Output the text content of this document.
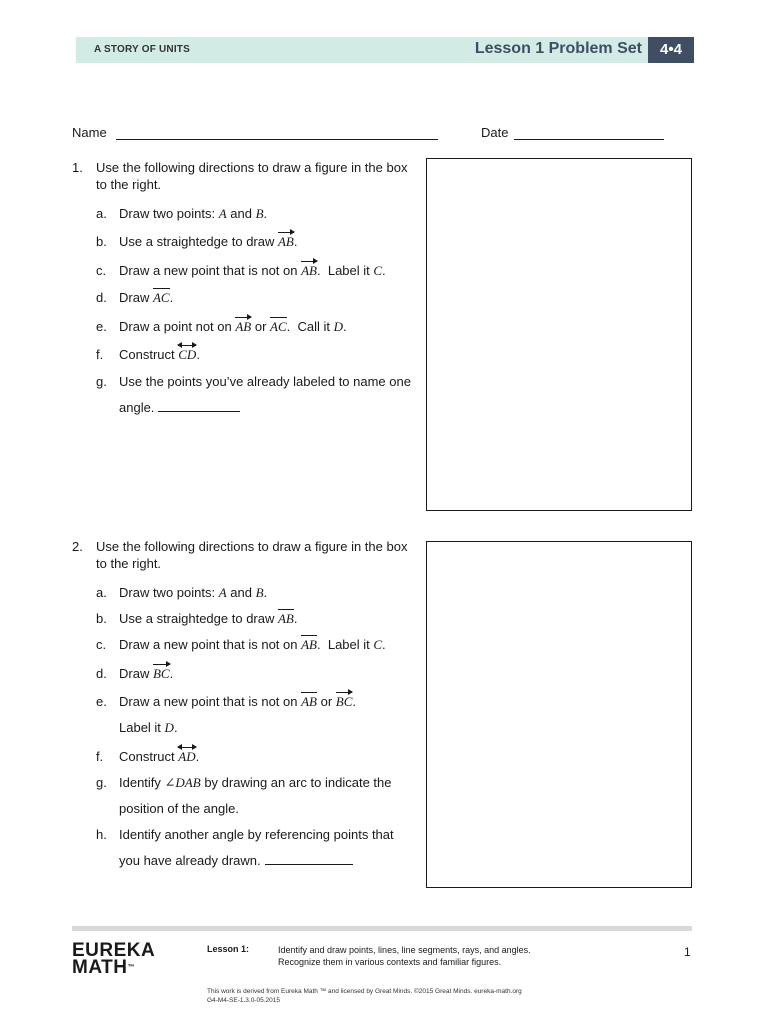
A STORY OF UNITS	Lesson 1 Problem Set	4•4
Name	Date
1. Use the following directions to draw a figure in the box to the right.
a. Draw two points: A and B.
b. Use a straightedge to draw AB.
c. Draw a new point that is not on AB.  Label it C.
d. Draw AC.
e. Draw a point not on AB or AC.  Call it D.
f.	Construct
CD.
g. Use the points you’ve already labeled to name one
angle.
2. Use the following directions to draw a figure in the box to the right.
a. Draw two points: A and B.
b. Use a straightedge to draw AB.
c. Draw a new point that is not on AB.  Label it C.
d. Draw BC.
e. Draw a new point that is not on AB or BC.
Label it D.
f.	Construct
AD.
g. Identify ∠DAB by drawing an arc to indicate the
position of the angle.
h. Identify another angle by referencing points that
you have already drawn.
EUREKA
MATH™
Lesson 1:	Identify and draw points, lines, line segments, rays, and angles.
Recognize them in various contexts and familiar figures.
1
This work is derived from Eureka Math ™ and licensed by Great Minds. ©2015 Great Minds. eureka-math.org
G4-M4-SE-1.3.0-05.2015
